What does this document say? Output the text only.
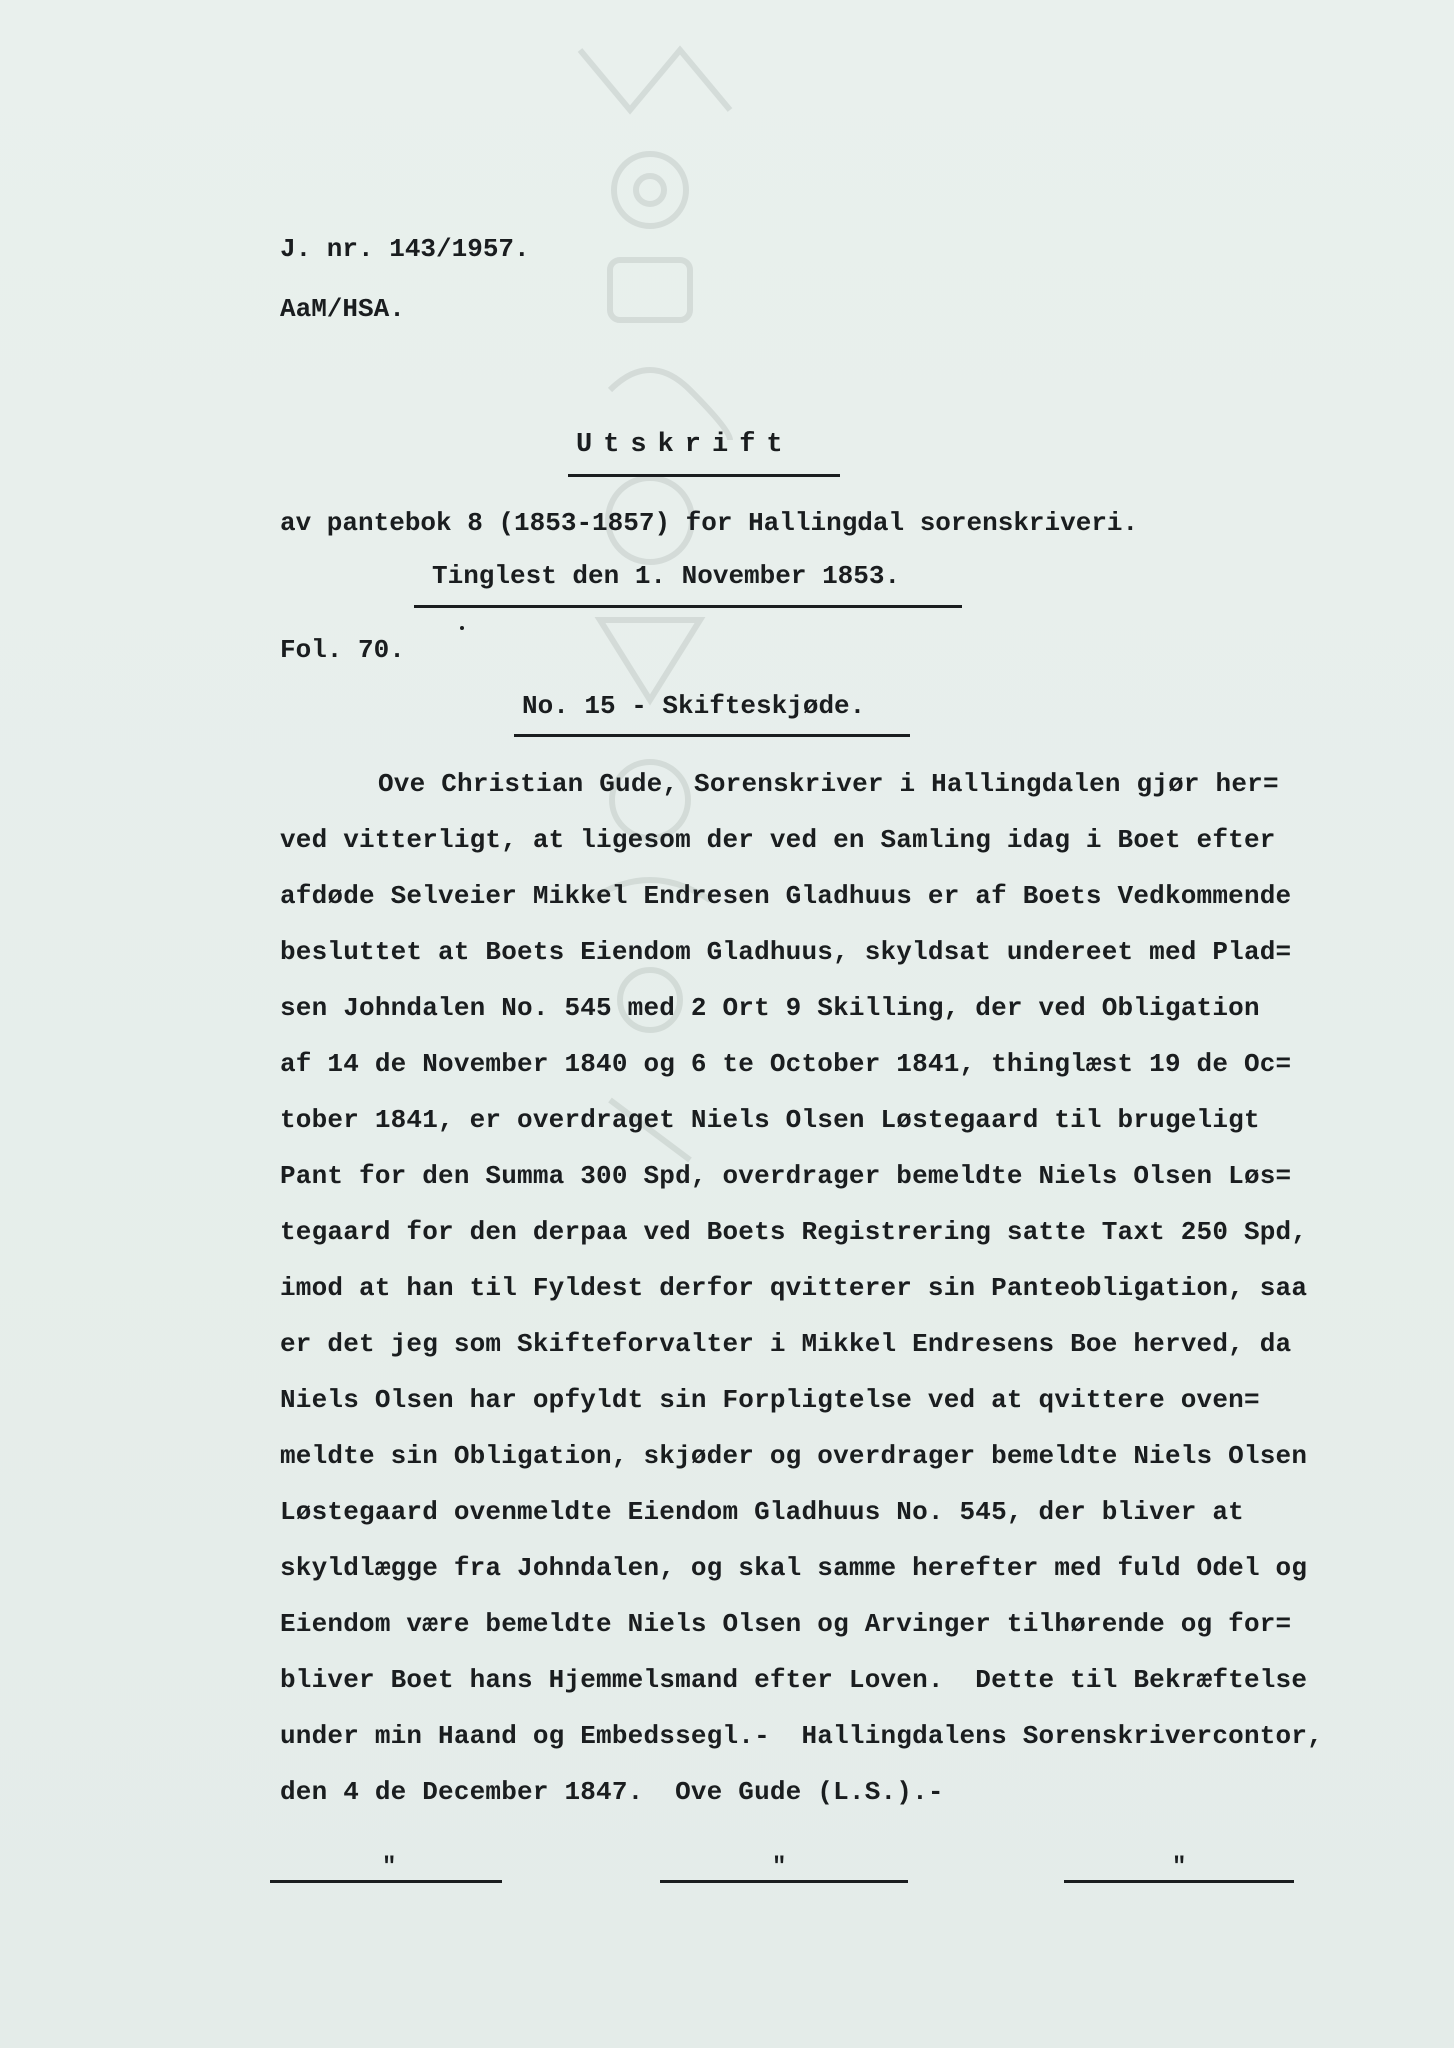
J. nr. 143/1957.
AaM/HSA.
Utskrift
av pantebok 8 (1853-1857) for Hallingdal sorenskriveri.
Tinglest den 1. November 1853.
Fol. 70.
No. 15 - Skifteskjøde.
Ove Christian Gude, Sorenskriver i Hallingdalen gjør her=
ved vitterligt, at ligesom der ved en Samling idag i Boet efter
afdøde Selveier Mikkel Endresen Gladhuus er af Boets Vedkommende
besluttet at Boets Eiendom Gladhuus, skyldsat undereet med Plad=
sen Johndalen No. 545 med 2 Ort 9 Skilling, der ved Obligation
af 14 de November 1840 og 6 te October 1841, thinglæst 19 de Oc=
tober 1841, er overdraget Niels Olsen Løstegaard til brugeligt
Pant for den Summa 300 Spd, overdrager bemeldte Niels Olsen Løs=
tegaard for den derpaa ved Boets Registrering satte Taxt 250 Spd,
imod at han til Fyldest derfor qvitterer sin Panteobligation, saa
er det jeg som Skifteforvalter i Mikkel Endresens Boe herved, da
Niels Olsen har opfyldt sin Forpligtelse ved at qvittere oven=
meldte sin Obligation, skjøder og overdrager bemeldte Niels Olsen
Løstegaard ovenmeldte Eiendom Gladhuus No. 545, der bliver at
skyldlægge fra Johndalen, og skal samme herefter med fuld Odel og
Eiendom være bemeldte Niels Olsen og Arvinger tilhørende og for=
bliver Boet hans Hjemmelsmand efter Loven.  Dette til Bekræftelse
under min Haand og Embedssegl.-  Hallingdalens Sorenskrivercontor,
den 4 de December 1847.  Ove Gude (L.S.).-
"	"	"
